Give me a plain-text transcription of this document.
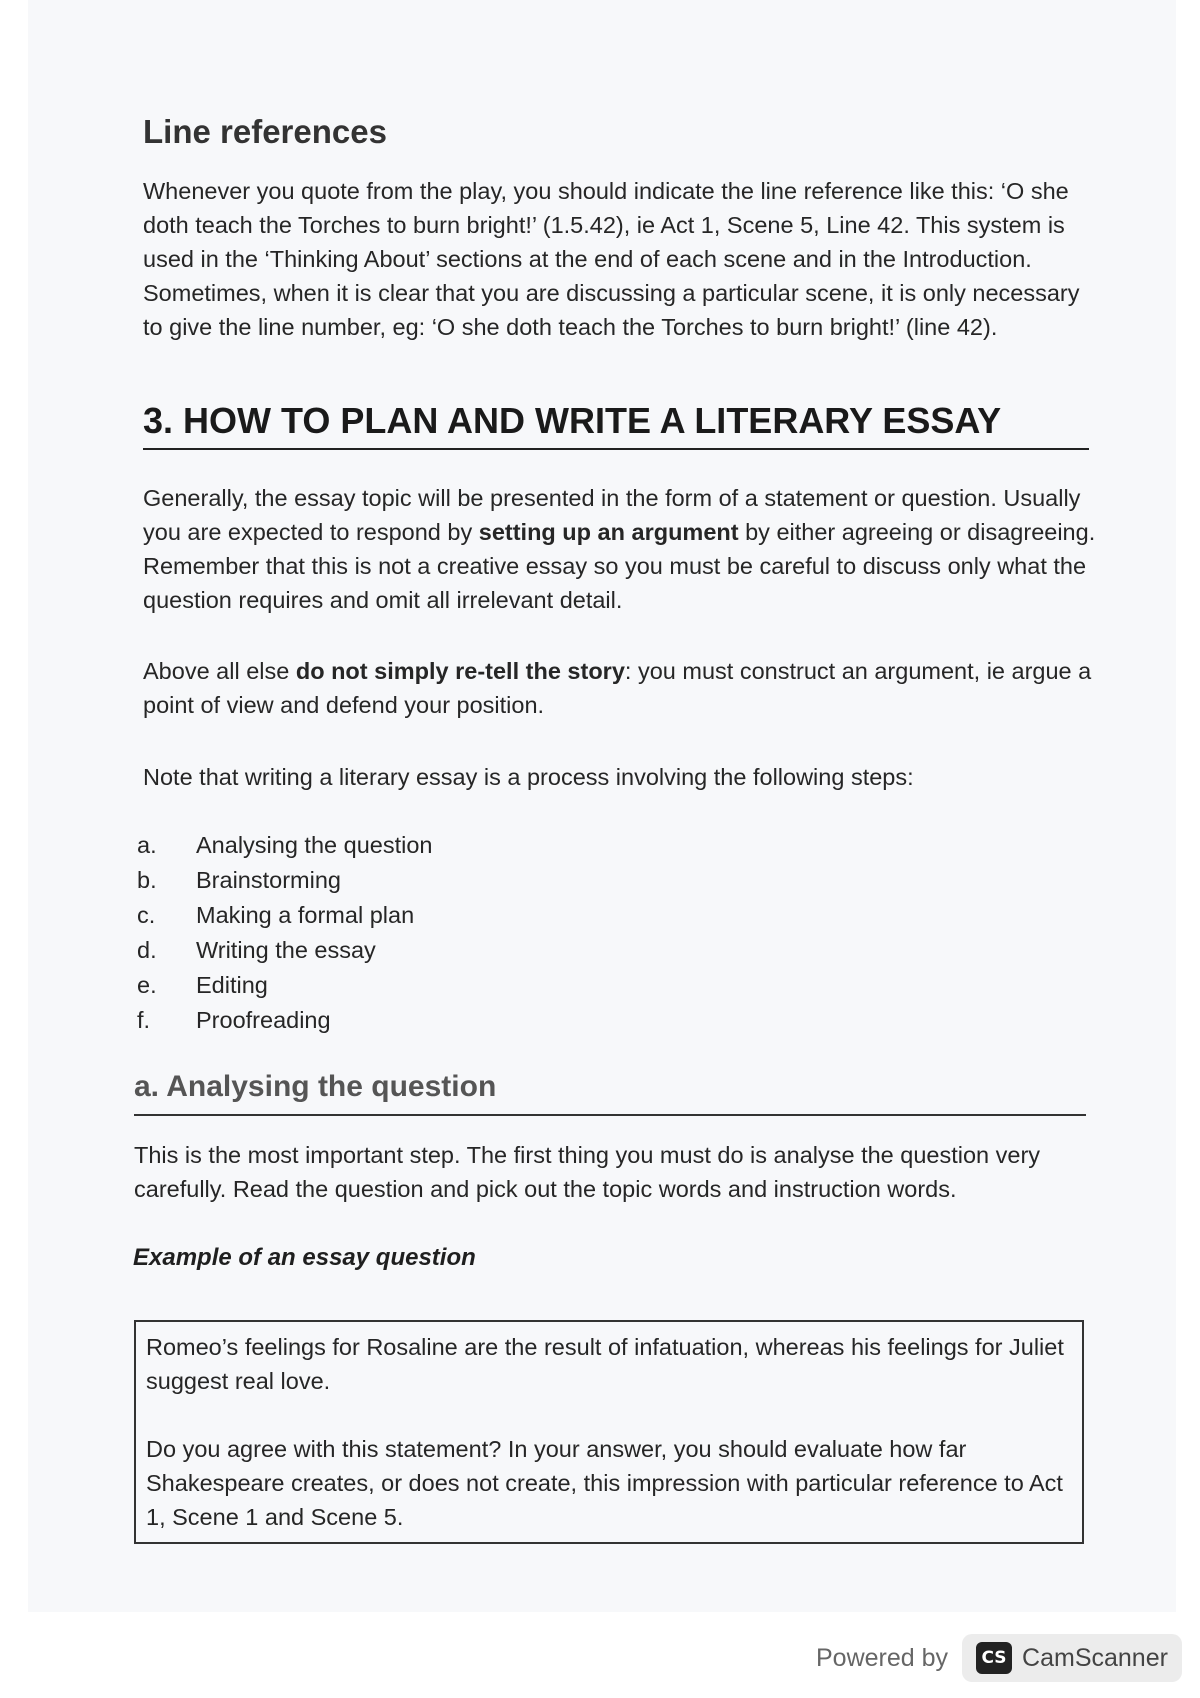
Line references

Whenever you quote from the play, you should indicate the line reference like this: ‘O she doth teach the Torches to burn bright!’ (1.5.42), ie Act 1, Scene 5, Line 42. This system is used in the ‘Thinking About’ sections at the end of each scene and in the Introduction. Sometimes, when it is clear that you are discussing a particular scene, it is only necessary to give the line number, eg: ‘O she doth teach the Torches to burn bright!’ (line 42).

3. HOW TO PLAN AND WRITE A LITERARY ESSAY

Generally, the essay topic will be presented in the form of a statement or question. Usually you are expected to respond by setting up an argument by either agreeing or disagreeing. Remember that this is not a creative essay so you must be careful to discuss only what the question requires and omit all irrelevant detail.

Above all else do not simply re-tell the story: you must construct an argument, ie argue a point of view and defend your position.

Note that writing a literary essay is a process involving the following steps:

a.	Analysing the question
b.	Brainstorming
c.	Making a formal plan
d.	Writing the essay
e.	Editing
f.	Proofreading
a. Analysing the question

This is the most important step. The first thing you must do is analyse the question very carefully. Read the question and pick out the topic words and instruction words.

Example of an essay question

Romeo’s feelings for Rosaline are the result of infatuation, whereas his feelings for Juliet suggest real love.

Do you agree with this statement? In your answer, you should evaluate how far Shakespeare creates, or does not create, this impression with particular reference to Act 1, Scene 1 and Scene 5.

Powered by	CS CamScanner
